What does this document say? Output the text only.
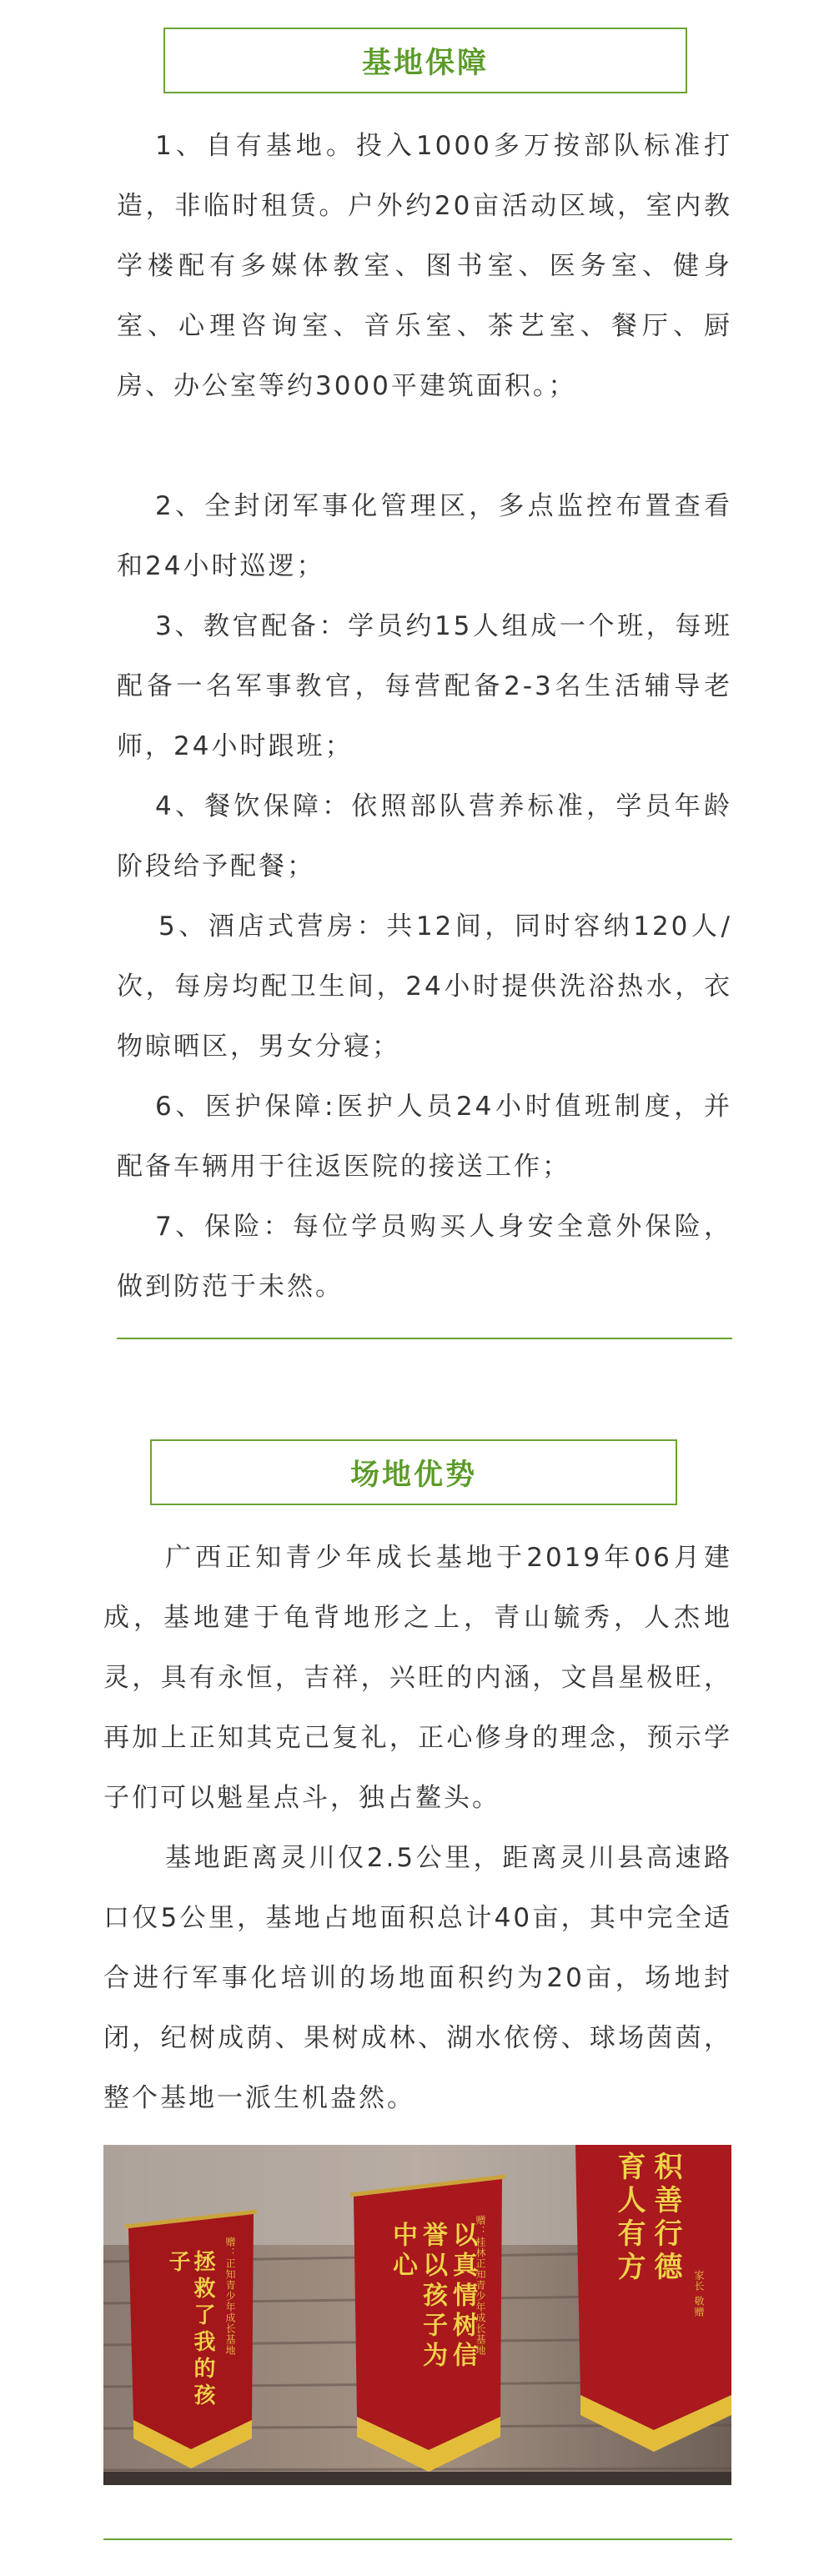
基地保障

1、自有基地。投入1000多万按部队标准打造，非临时租赁。户外约20亩活动区域，室内教学楼配有多媒体教室、图书室、医务室、健身室、心理咨询室、音乐室、茶艺室、餐厅、厨房、办公室等约3000平建筑面积。；

2、全封闭军事化管理区，多点监控布置查看和24小时巡逻；

3、教官配备：学员约15人组成一个班，每班配备一名军事教官，每营配备2-3名生活辅导老师，24小时跟班；

4、餐饮保障：依照部队营养标准，学员年龄阶段给予配餐；

5、酒店式营房：共12间，同时容纳120人/次，每房均配卫生间，24小时提供洗浴热水，衣物晾晒区，男女分寝；

6、医护保障:医护人员24小时值班制度，并配备车辆用于往返医院的接送工作；

7、保险：每位学员购买人身安全意外保险，做到防范于未然。

场地优势

广西正知青少年成长基地于2019年06月建成，基地建于龟背地形之上，青山毓秀，人杰地灵，具有永恒，吉祥，兴旺的内涵，文昌星极旺，再加上正知其克己复礼，正心修身的理念，预示学子们可以魁星点斗，独占鳌头。

基地距离灵川仅2.5公里，距离灵川县高速路口仅5公里，基地占地面积总计40亩，其中完全适合进行军事化培训的场地面积约为20亩，场地封闭，纪树成荫、果树成林、湖水依傍、球场茵茵，整个基地一派生机盎然。

拯救了我的孩子	赠：正知青少年成长基地	以真情树信誉以孩子为中心	赠：桂林正知青少年成长基地	积善行德育人有方
家长 敬赠
